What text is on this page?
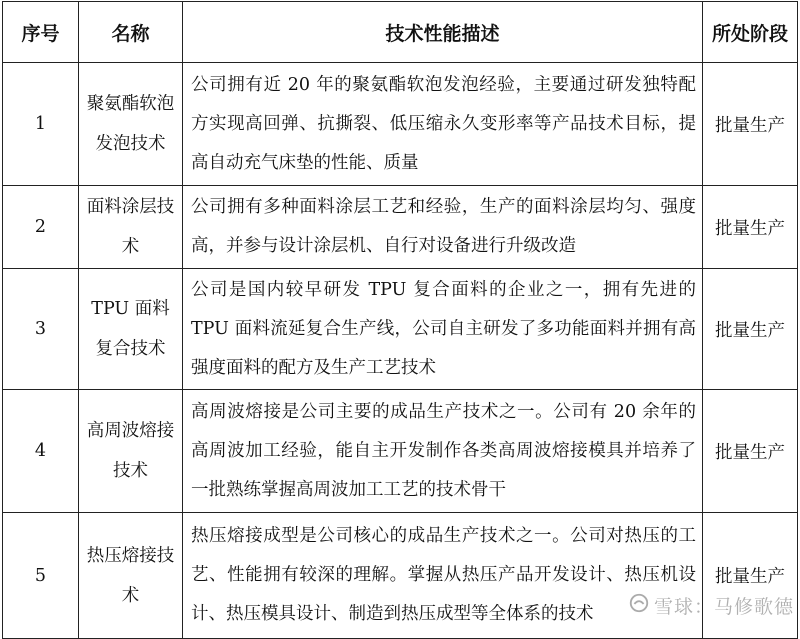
序号	名称	技术性能描述	所处阶段
1	聚氨酯软泡发泡技术	公司拥有近 20 年的聚氨酯软泡发泡经验，主要通过研发独特配方实现高回弹、抗撕裂、低压缩永久变形率等产品技术目标，提高自动充气床垫的性能、质量	批量生产
2	面料涂层技术	公司拥有多种面料涂层工艺和经验，生产的面料涂层均匀、强度高，并参与设计涂层机、自行对设备进行升级改造	批量生产
3	TPU 面料复合技术	公司是国内较早研发 TPU 复合面料的企业之一，拥有先进的 TPU 面料流延复合生产线，公司自主研发了多功能面料并拥有高强度面料的配方及生产工艺技术	批量生产
4	高周波熔接技术	高周波熔接是公司主要的成品生产技术之一。公司有 20 余年的高周波加工经验，能自主开发制作各类高周波熔接模具并培养了一批熟练掌握高周波加工工艺的技术骨干	批量生产
5	热压熔接技术	热压熔接成型是公司核心的成品生产技术之一。公司对热压的工艺、性能拥有较深的理解。掌握从热压产品开发设计、热压机设计、热压模具设计、制造到热压成型等全体系的技术	批量生产
雪球：马修歌德
